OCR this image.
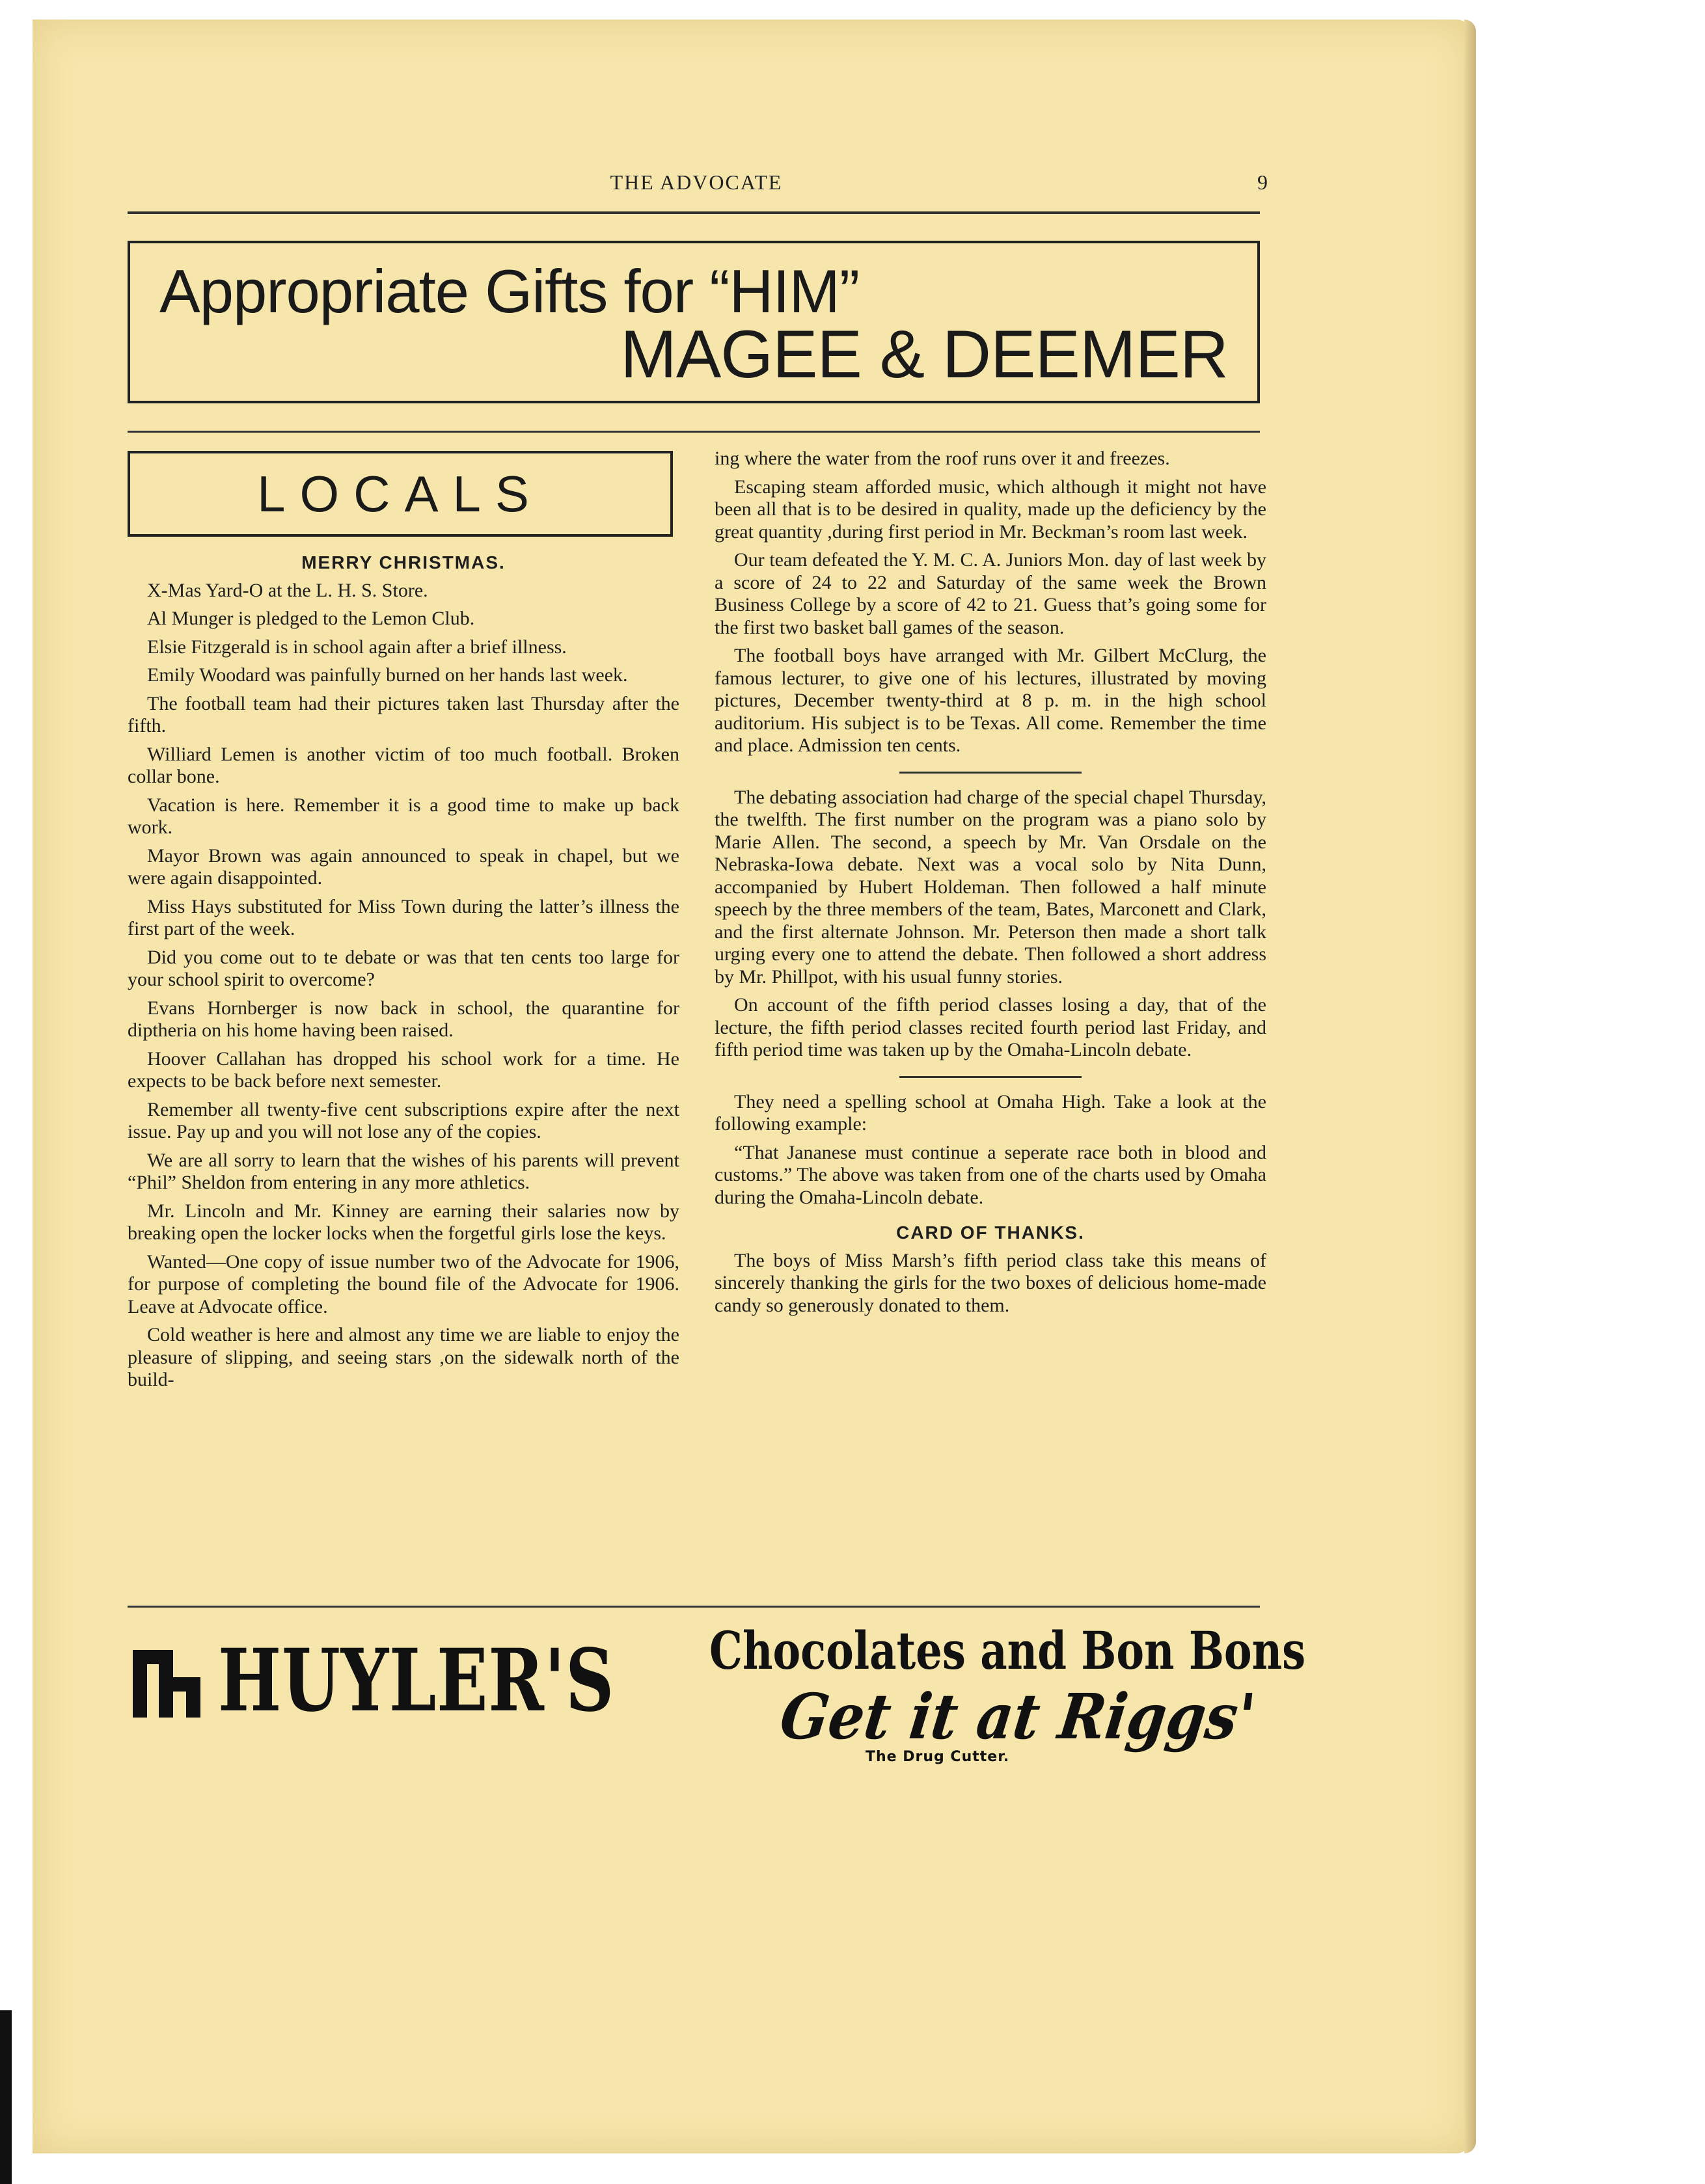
THE ADVOCATE	9
Appropriate Gifts for “HIM”
MAGEE & DEEMER
LOCALS

MERRY CHRISTMAS.

X-Mas Yard-O at the L. H. S. Store.

Al Munger is pledged to the Lemon Club.

Elsie Fitzgerald is in school again after a brief illness.

Emily Woodard was painfully burned on her hands last week.

The football team had their pictures taken last Thursday after the fifth.

Williard Lemen is another victim of too much football. Broken collar bone.

Vacation is here. Remember it is a good time to make up back work.

Mayor Brown was again announced to speak in chapel, but we were again disappointed.

Miss Hays substituted for Miss Town during the latter’s illness the first part of the week.

Did you come out to te debate or was that ten cents too large for your school spirit to overcome?

Evans Hornberger is now back in school, the quarantine for diptheria on his home having been raised.

Hoover Callahan has dropped his school work for a time. He expects to be back before next semester.

Remember all twenty-five cent subscriptions expire after the next issue. Pay up and you will not lose any of the copies.

We are all sorry to learn that the wishes of his parents will prevent “Phil” Sheldon from entering in any more athletics.

Mr. Lincoln and Mr. Kinney are earning their salaries now by breaking open the locker locks when the forgetful girls lose the keys.

Wanted—One copy of issue number two of the Advocate for 1906, for purpose of completing the bound file of the Advocate for 1906. Leave at Advocate office.

Cold weather is here and almost any time we are liable to enjoy the pleasure of slipping, and seeing stars ,on the sidewalk north of the build-

ing where the water from the roof runs over it and freezes.

Escaping steam afforded music, which although it might not have been all that is to be desired in quality, made up the deficiency by the great quantity ,during first period in Mr. Beckman’s room last week.

Our team defeated the Y. M. C. A. Juniors Mon. day of last week by a score of 24 to 22 and Saturday of the same week the Brown Business College by a score of 42 to 21. Guess that’s going some for the first two basket ball games of the season.

The football boys have arranged with Mr. Gilbert McClurg, the famous lecturer, to give one of his lectures, illustrated by moving pictures, December twenty-third at 8 p. m. in the high school auditorium. His subject is to be Texas. All come. Remember the time and place. Admission ten cents.

The debating association had charge of the special chapel Thursday, the twelfth. The first number on the program was a piano solo by Marie Allen. The second, a speech by Mr. Van Orsdale on the Nebraska-Iowa debate. Next was a vocal solo by Nita Dunn, accompanied by Hubert Holdeman. Then followed a half minute speech by the three members of the team, Bates, Marconett and Clark, and the first alternate Johnson. Mr. Peterson then made a short talk urging every one to attend the debate. Then followed a short address by Mr. Phillpot, with his usual funny stories.

On account of the fifth period classes losing a day, that of the lecture, the fifth period classes recited fourth period last Friday, and fifth period time was taken up by the Omaha-Lincoln debate.

They need a spelling school at Omaha High. Take a look at the following example:

“That Jananese must continue a seperate race both in blood and customs.” The above was taken from one of the charts used by Omaha during the Omaha-Lincoln debate.

CARD OF THANKS.

The boys of Miss Marsh’s fifth period class take this means of sincerely thanking the girls for the two boxes of delicious home-made candy so generously donated to them.

HUYLER'S Chocolates and Bon Bons
Get it at Riggs'
The Drug Cutter.
